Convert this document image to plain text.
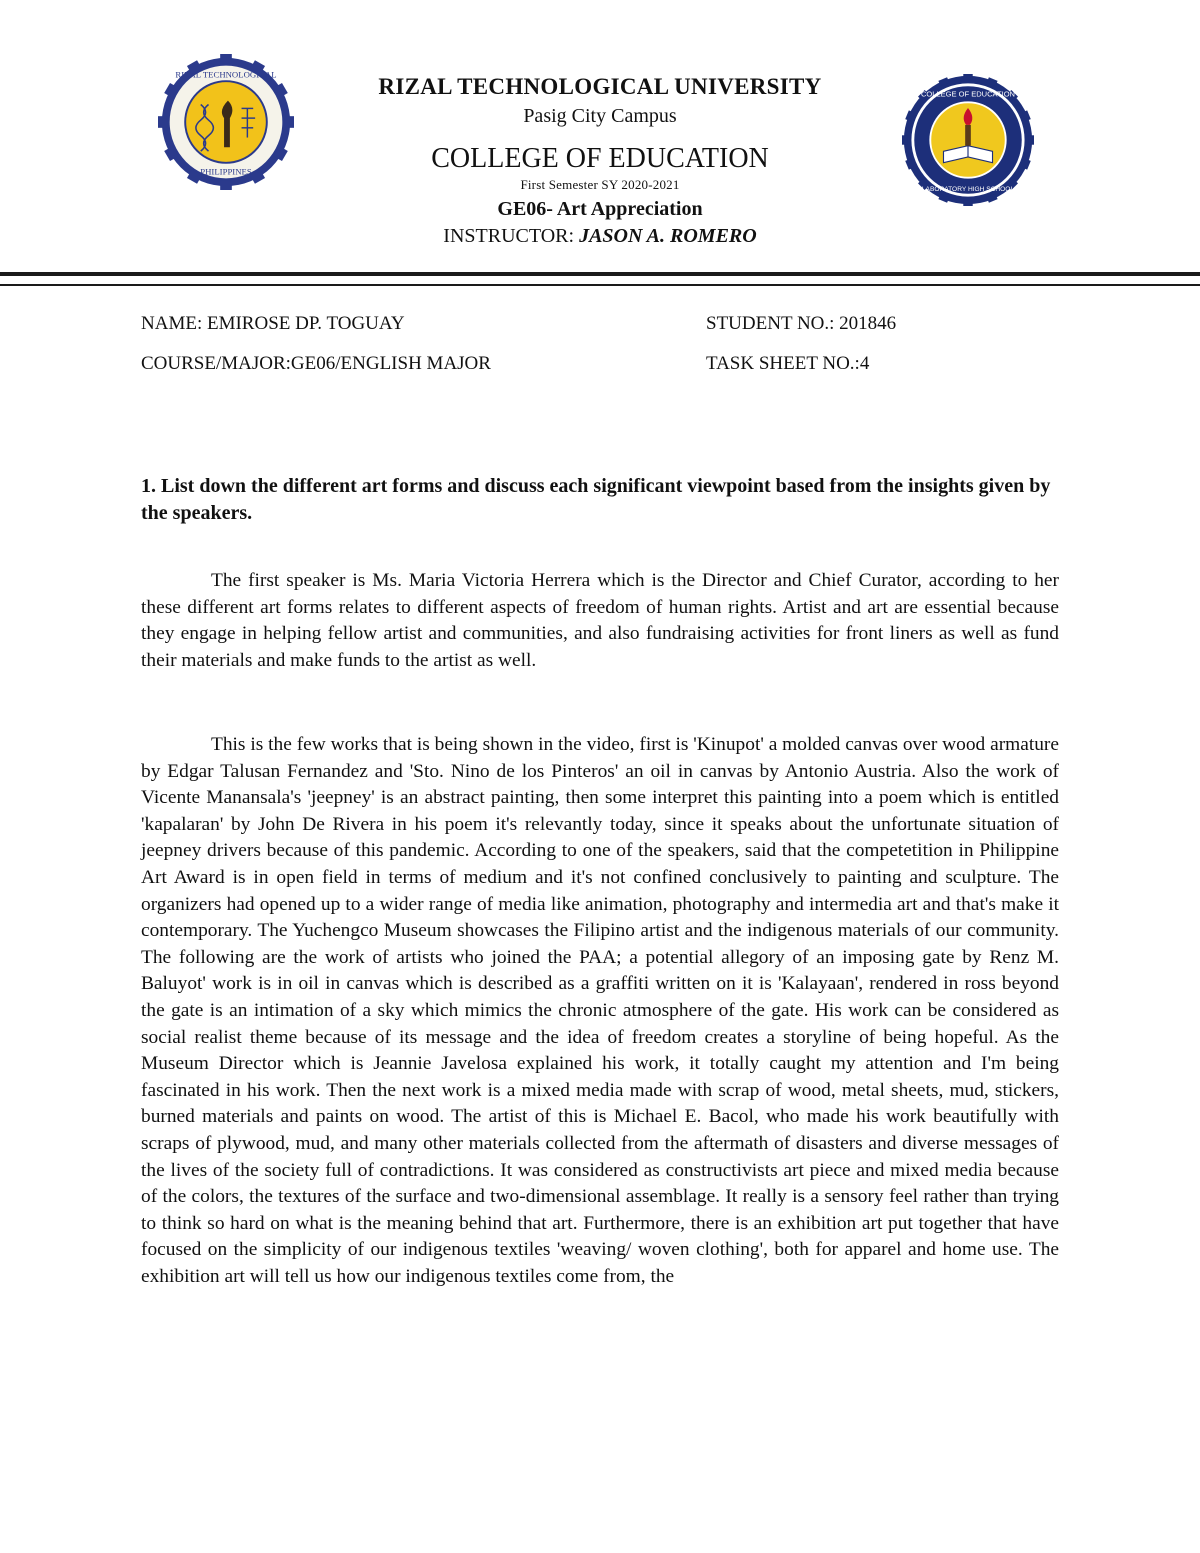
RIZAL TECHNOLOGICAL
PHILIPPINES

RIZAL TECHNOLOGICAL UNIVERSITY

Pasig City Campus

COLLEGE OF EDUCATION

First Semester SY 2020-2021

GE06- Art Appreciation

INSTRUCTOR: JASON A. ROMERO

COLLEGE OF EDUCATION
LABORATORY HIGH SCHOOL
NAME: EMIROSE DP. TOGUAY	STUDENT NO.: 201846
COURSE/MAJOR:GE06/ENGLISH MAJOR	TASK SHEET NO.:4

1. List down the different art forms and discuss each significant viewpoint based from the insights given by the speakers.

The first speaker is Ms. Maria Victoria Herrera which is the Director and Chief Curator, according to her these different art forms relates to different aspects of freedom of human rights. Artist and art are essential because they engage in helping fellow artist and communities, and also fundraising activities for front liners as well as fund their materials and make funds to the artist as well.

This is the few works that is being shown in the video, first is 'Kinupot' a molded canvas over wood armature by Edgar Talusan Fernandez and 'Sto. Nino de los Pinteros' an oil in canvas by Antonio Austria. Also the work of Vicente Manansala's 'jeepney' is an abstract painting, then some interpret this painting into a poem which is entitled 'kapalaran' by John De Rivera in his poem it's relevantly today, since it speaks about the unfortunate situation of jeepney drivers because of this pandemic. According to one of the speakers, said that the competetition in Philippine Art Award is in open field in terms of medium and it's not confined conclusively to painting and sculpture. The organizers had opened up to a wider range of media like animation, photography and intermedia art and that's make it contemporary. The Yuchengco Museum showcases the Filipino artist and the indigenous materials of our community. The following are the work of artists who joined the PAA; a potential allegory of an imposing gate by Renz M. Baluyot' work is in oil in canvas which is described as a graffiti written on it is 'Kalayaan', rendered in ross beyond the gate is an intimation of a sky which mimics the chronic atmosphere of the gate. His work can be considered as social realist theme because of its message and the idea of freedom creates a storyline of being hopeful. As the Museum Director which is Jeannie Javelosa explained his work, it totally caught my attention and I'm being fascinated in his work. Then the next work is a mixed media made with scrap of wood, metal sheets, mud, stickers, burned materials and paints on wood. The artist of this is Michael E. Bacol, who made his work beautifully with scraps of plywood, mud, and many other materials collected from the aftermath of disasters and diverse messages of the lives of the society full of contradictions. It was considered as constructivists art piece and mixed media because of the colors, the textures of the surface and two-dimensional assemblage. It really is a sensory feel rather than trying to think so hard on what is the meaning behind that art. Furthermore, there is an exhibition art put together that have focused on the simplicity of our indigenous textiles 'weaving/ woven clothing', both for apparel and home use. The exhibition art will tell us how our indigenous textiles come from, the
